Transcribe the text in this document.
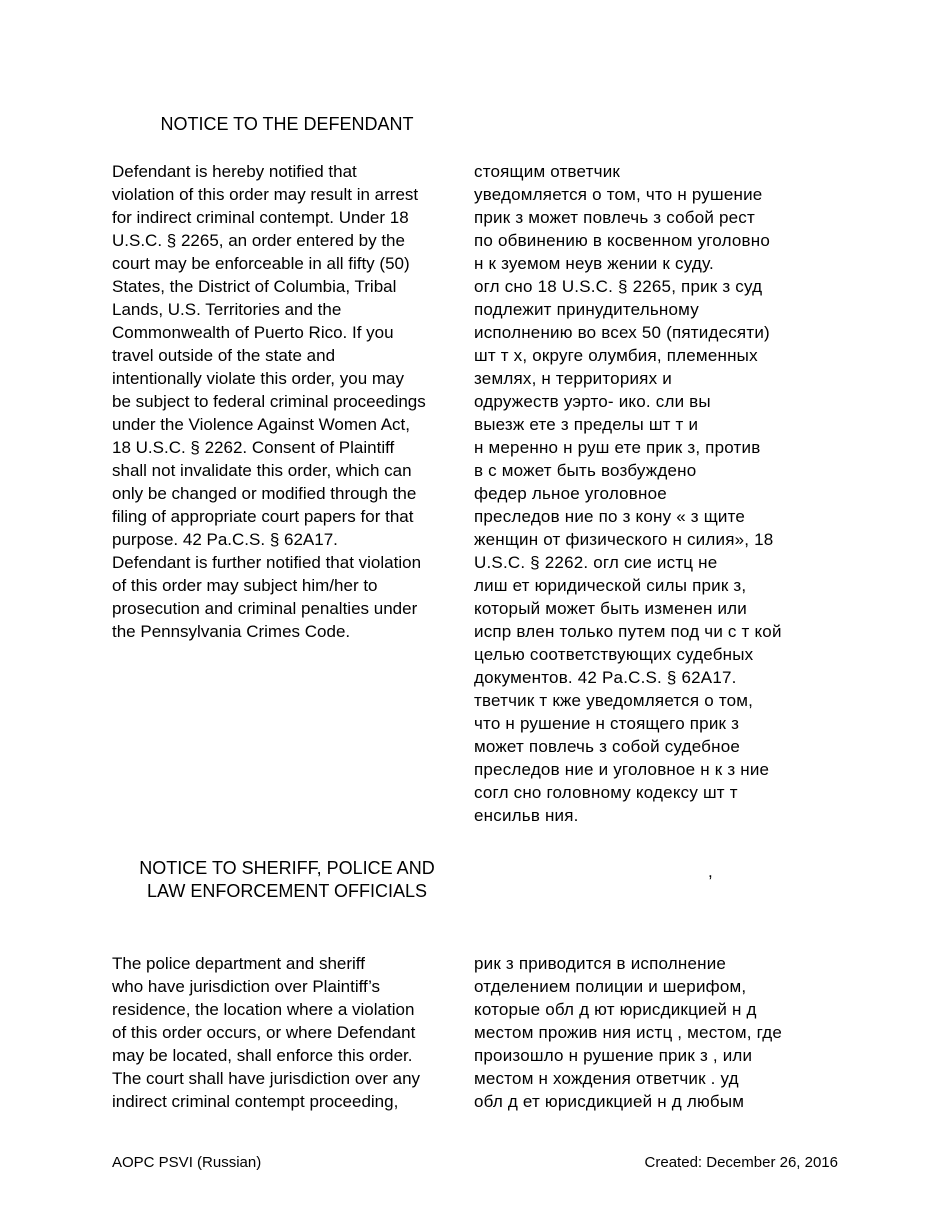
NOTICE TO THE DEFENDANT

Defendant is hereby notified that
violation of this order may result in arrest
for indirect criminal contempt. Under 18
U.S.C. § 2265, an order entered by the
court may be enforceable in all fifty (50)
States, the District of Columbia, Tribal
Lands, U.S. Territories and the
Commonwealth of Puerto Rico. If you
travel outside of the state and
intentionally violate this order, you may
be subject to federal criminal proceedings
under the Violence Against Women Act,
18 U.S.C. § 2262. Consent of Plaintiff
shall not invalidate this order, which can
only be changed or modified through the
filing of appropriate court papers for that
purpose. 42 Pa.C.S. § 62A17.
Defendant is further notified that violation
of this order may subject him/her to
prosecution and criminal penalties under
the Pennsylvania Crimes Code.

стоящим ответчик
уведомляется о том, что н рушение
прик з может повлечь з собой рест
по обвинению в косвенном уголовно
н к зуемом неув жении к суду.
огл сно 18 U.S.C. § 2265, прик з суд
подлежит принудительному
исполнению во всех 50 (пятидесяти)
шт т х, округе олумбия, племенных
землях, н территориях и
одружеств уэрто- ико. сли вы
выезж ете з пределы шт т и
н меренно н руш ете прик з, против
в с может быть возбуждено
федер льное уголовное
преследов ние по з кону « з щите
женщин от физического н силия», 18
U.S.C. § 2262. огл сие истц не
лиш ет юридической силы прик з,
который может быть изменен или
испр влен только путем под чи с т кой
целью соответствующих судебных
документов. 42 Pa.C.S. § 62A17.
тветчик т кже уведомляется о том,
что н рушение н стоящего прик з
может повлечь з собой судебное
преследов ние и уголовное н к з ние
согл сно головному кодексу шт т
енсильв ния.

NOTICE TO SHERIFF, POLICE AND
LAW ENFORCEMENT OFFICIALS
,

The police department and sheriff
who have jurisdiction over Plaintiff’s
residence, the location where a violation
of this order occurs, or where Defendant
may be located, shall enforce this order.
The court shall have jurisdiction over any
indirect criminal contempt proceeding,

рик з приводится в исполнение
отделением полиции и шерифом,
которые обл д ют юрисдикцией н д
местом прожив ния истц , местом, где
произошло н рушение прик з , или
местом н хождения ответчик . уд
обл д ет юрисдикцией н д любым

AOPC PSVI (Russian)	Created: December 26, 2016
